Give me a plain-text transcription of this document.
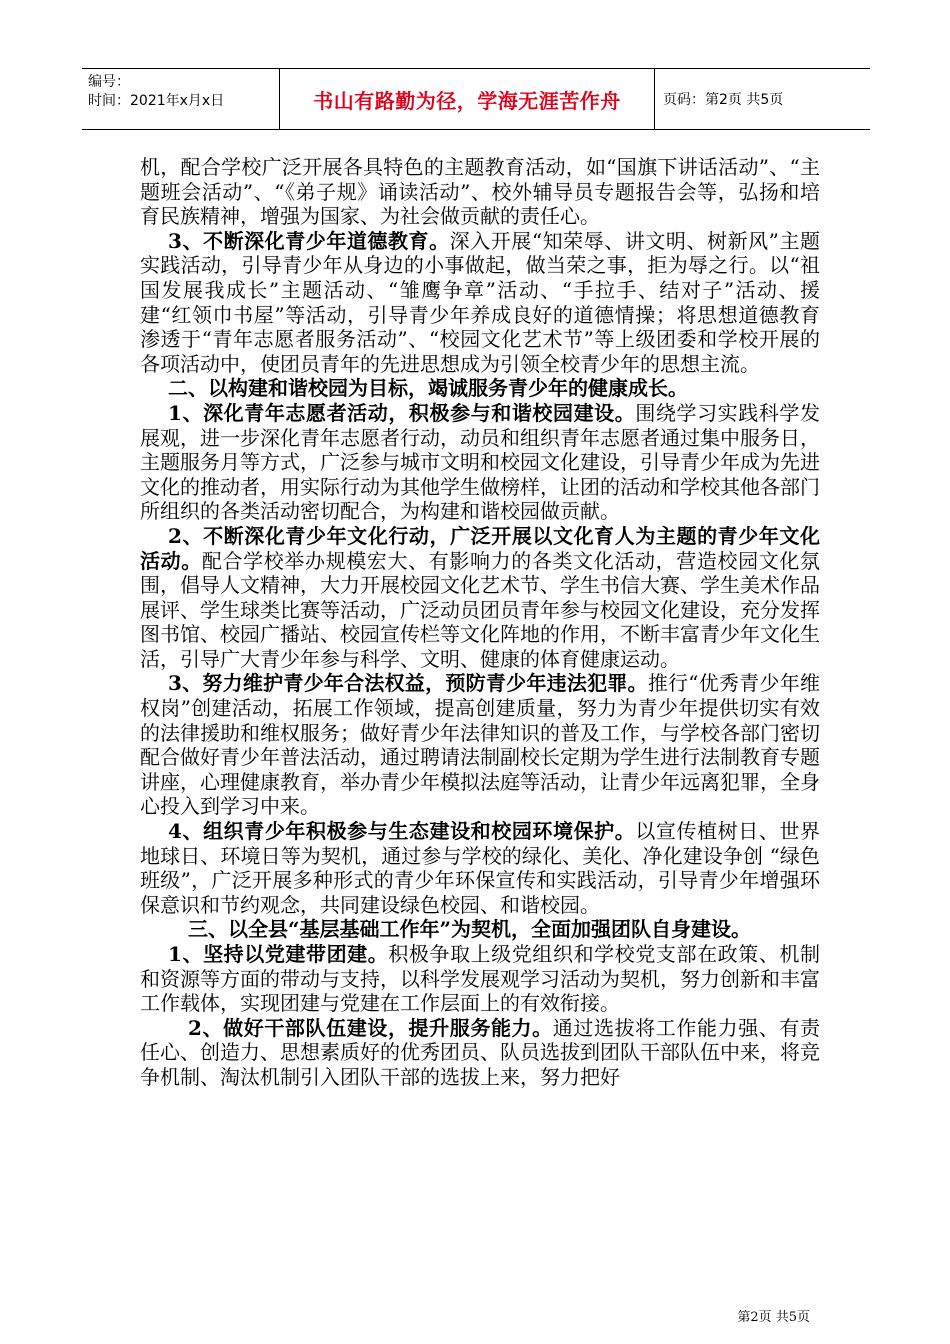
编号：
时间：2021年x月x日	书山有路勤为径，学海无涯苦作舟	页码：第2页 共5页

机，配合学校广泛开展各具特色的主题教育活动，如“国旗下讲话活动”、“主题班会活动”、“《弟子规》诵读活动”、校外辅导员专题报告会等，弘扬和培育民族精神，增强为国家、为社会做贡献的责任心。

3、不断深化青少年道德教育。深入开展“知荣辱、讲文明、树新风”主题实践活动，引导青少年从身边的小事做起，做当荣之事，拒为辱之行。以“祖国发展我成长”主题活动、“雏鹰争章”活动、“手拉手、结对子”活动、援建“红领巾书屋”等活动，引导青少年养成良好的道德情操；将思想道德教育渗透于“青年志愿者服务活动”、“校园文化艺术节”等上级团委和学校开展的各项活动中，使团员青年的先进思想成为引领全校青少年的思想主流。

二、以构建和谐校园为目标，竭诚服务青少年的健康成长。

1、深化青年志愿者活动，积极参与和谐校园建设。围绕学习实践科学发展观，进一步深化青年志愿者行动，动员和组织青年志愿者通过集中服务日，主题服务月等方式，广泛参与城市文明和校园文化建设，引导青少年成为先进文化的推动者，用实际行动为其他学生做榜样，让团的活动和学校其他各部门所组织的各类活动密切配合，为构建和谐校园做贡献。

2、不断深化青少年文化行动，广泛开展以文化育人为主题的青少年文化活动。配合学校举办规模宏大、有影响力的各类文化活动，营造校园文化氛围，倡导人文精神，大力开展校园文化艺术节、学生书信大赛、学生美术作品展评、学生球类比赛等活动，广泛动员团员青年参与校园文化建设，充分发挥图书馆、校园广播站、校园宣传栏等文化阵地的作用，不断丰富青少年文化生活，引导广大青少年参与科学、文明、健康的体育健康运动。

3、努力维护青少年合法权益，预防青少年违法犯罪。推行“优秀青少年维权岗”创建活动，拓展工作领域，提高创建质量，努力为青少年提供切实有效的法律援助和维权服务；做好青少年法律知识的普及工作，与学校各部门密切配合做好青少年普法活动，通过聘请法制副校长定期为学生进行法制教育专题讲座，心理健康教育，举办青少年模拟法庭等活动，让青少年远离犯罪，全身心投入到学习中来。

4、组织青少年积极参与生态建设和校园环境保护。以宣传植树日、世界地球日、环境日等为契机，通过参与学校的绿化、美化、净化建设争创 “绿色班级”，广泛开展多种形式的青少年环保宣传和实践活动，引导青少年增强环保意识和节约观念，共同建设绿色校园、和谐校园。

三、以全县“基层基础工作年”为契机，全面加强团队自身建设。

1、坚持以党建带团建。积极争取上级党组织和学校党支部在政策、机制和资源等方面的带动与支持，以科学发展观学习活动为契机，努力创新和丰富工作载体，实现团建与党建在工作层面上的有效衔接。

2、做好干部队伍建设，提升服务能力。通过选拔将工作能力强、有责任心、创造力、思想素质好的优秀团员、队员选拔到团队干部队伍中来，将竞争机制、淘汰机制引入团队干部的选拔上来，努力把好

第2页 共5页
